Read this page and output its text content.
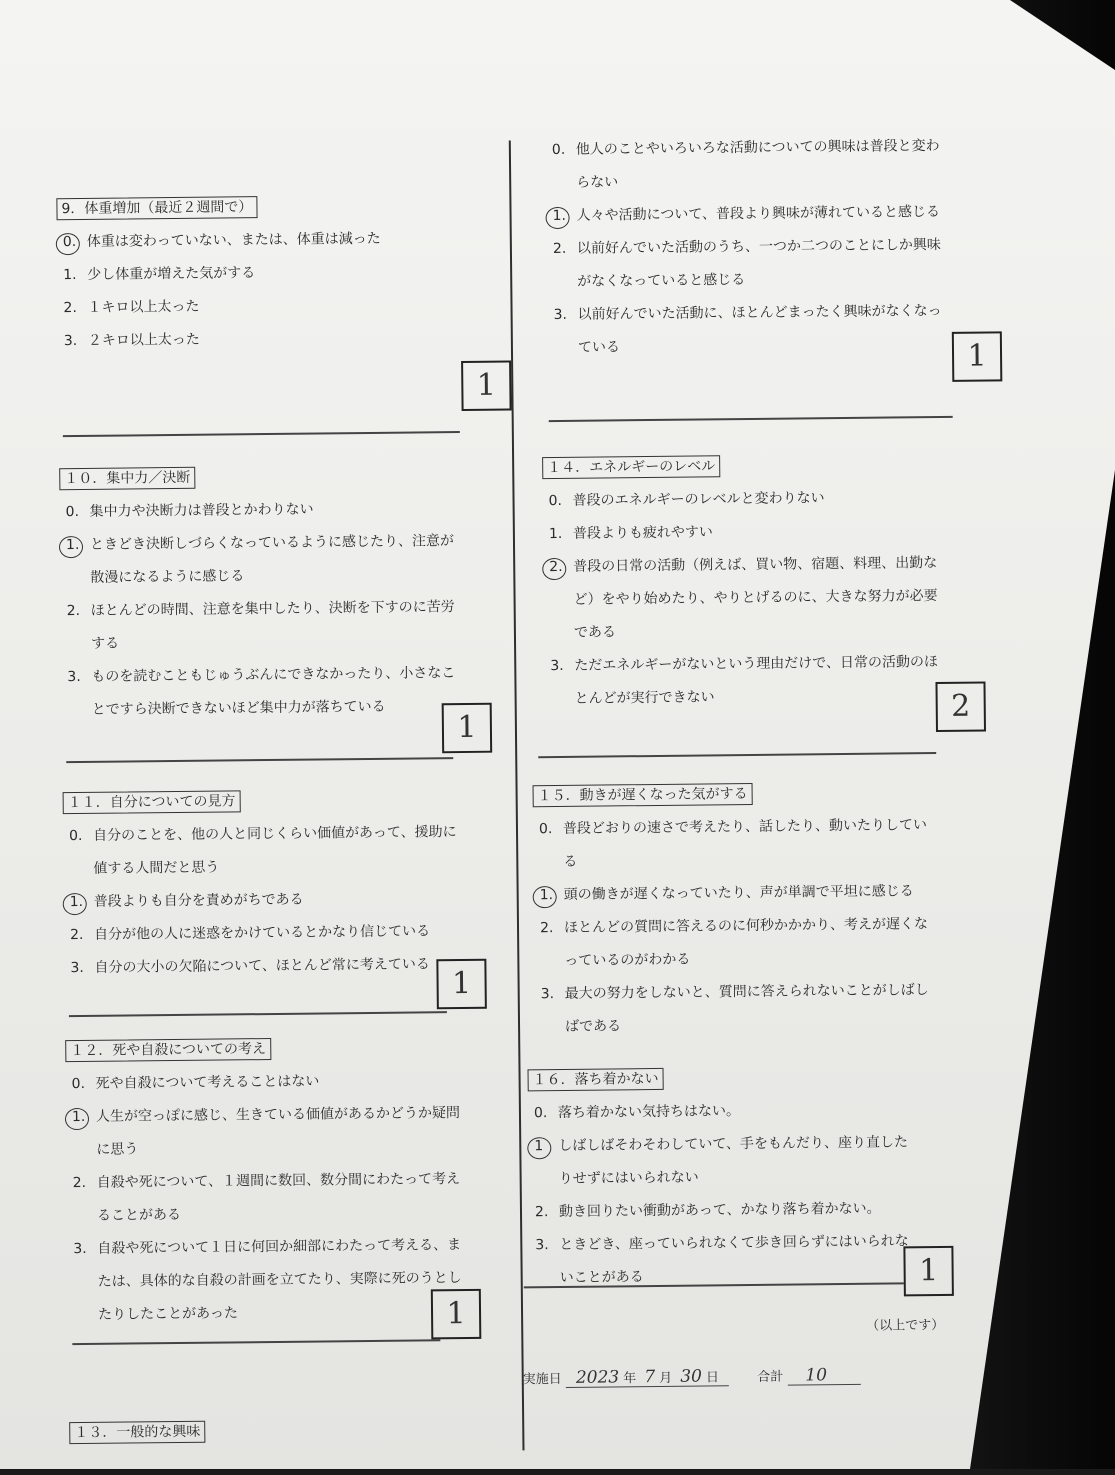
9．体重増加（最近２週間で）
0. 体重は変わっていない、または、体重は減った
1. 少し体重が増えた気がする
2. １キロ以上太った
3. ２キロ以上太った
1
１０．集中力／決断
0. 集中力や決断力は普段とかわりない
1. ときどき決断しづらくなっているように感じたり、注意が
散漫になるように感じる
2. ほとんどの時間、注意を集中したり、決断を下すのに苦労
する
3. ものを読むこともじゅうぶんにできなかったり、小さなこ
とですら決断できないほど集中力が落ちている
1
１１．自分についての見方
0. 自分のことを、他の人と同じくらい価値があって、援助に
値する人間だと思う
1. 普段よりも自分を責めがちである
2. 自分が他の人に迷惑をかけているとかなり信じている
3. 自分の大小の欠陥について、ほとんど常に考えている 1
１２．死や自殺についての考え
0. 死や自殺について考えることはない
1. 人生が空っぽに感じ、生きている価値があるかどうか疑問
に思う
2. 自殺や死について、１週間に数回、数分間にわたって考え
ることがある
3. 自殺や死について１日に何回か細部にわたって考える、ま
たは、具体的な自殺の計画を立てたり、実際に死のうとし
たりしたことがあった	1
１３．一般的な興味
0. 他人のことやいろいろな活動についての興味は普段と変わ
らない
1. 人々や活動について、普段より興味が薄れていると感じる
2. 以前好んでいた活動のうち、一つか二つのことにしか興味
がなくなっていると感じる
3. 以前好んでいた活動に、ほとんどまったく興味がなくなっ
ている	1
１４．エネルギーのレベル
0. 普段のエネルギーのレベルと変わりない
1. 普段よりも疲れやすい
2. 普段の日常の活動（例えば、買い物、宿題、料理、出勤な
ど）をやり始めたり、やりとげるのに、大きな努力が必要
である
3. ただエネルギーがないという理由だけで、日常の活動のほ
とんどが実行できない	2
１５．動きが遅くなった気がする
0. 普段どおりの速さで考えたり、話したり、動いたりしてい
る
1. 頭の働きが遅くなっていたり、声が単調で平坦に感じる
2. ほとんどの質問に答えるのに何秒かかかり、考えが遅くな
っているのがわかる
3. 最大の努力をしないと、質問に答えられないことがしばし
ばである
１６．落ち着かない
0. 落ち着かない気持ちはない。
1 しばしばそわそわしていて、手をもんだり、座り直した
りせずにはいられない
2. 動き回りたい衝動があって、かなり落ち着かない。
3. ときどき、座っていられなくて歩き回らずにはいられな
いことがある	1
（以上です）
実施日 2023 年 7 月 30 日	合計 10
